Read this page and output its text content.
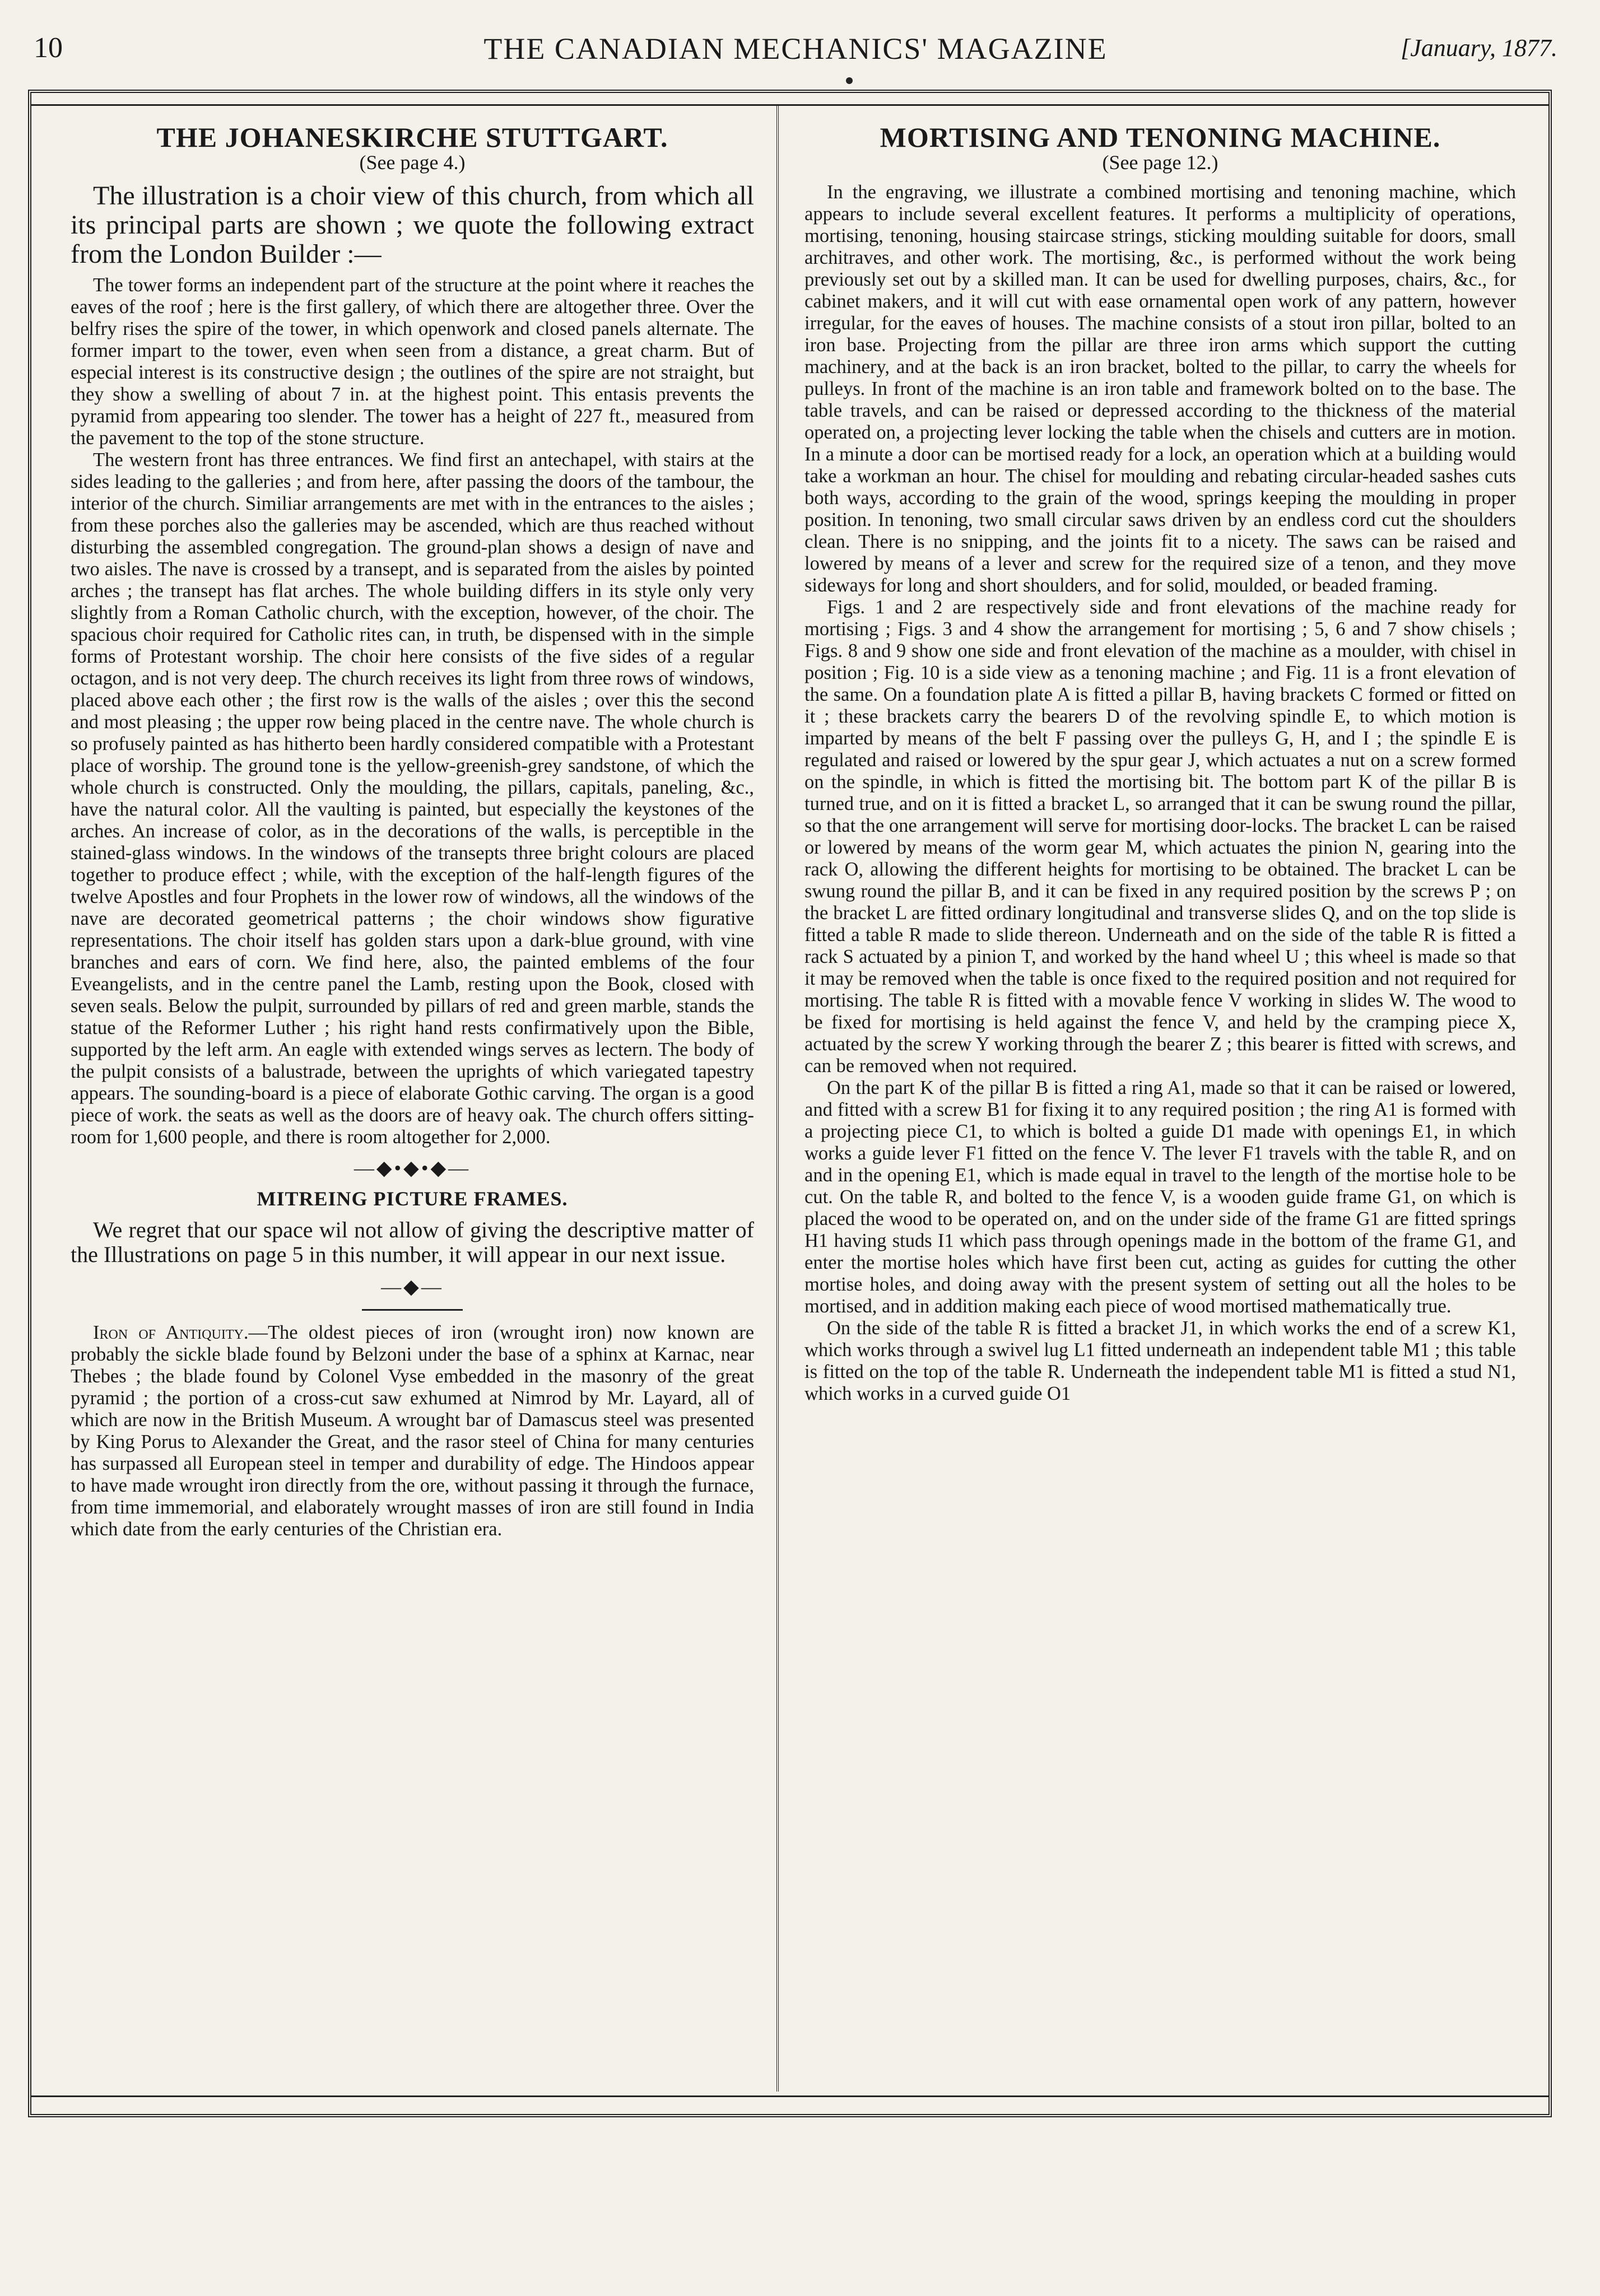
10	THE CANADIAN MECHANICS' MAGAZINE	[January, 1877.
THE JOHANESKIRCHE STUTTGART.
(See page 4.)

The illustration is a choir view of this church, from which all its principal parts are shown ; we quote the following extract from the London Builder :—

The tower forms an independent part of the structure at the point where it reaches the eaves of the roof ; here is the first gallery, of which there are altogether three. Over the belfry rises the spire of the tower, in which openwork and closed panels alternate. The former impart to the tower, even when seen from a distance, a great charm. But of especial interest is its constructive design ; the outlines of the spire are not straight, but they show a swelling of about 7 in. at the highest point. This entasis prevents the pyramid from appearing too slender. The tower has a height of 227 ft., measured from the pavement to the top of the stone structure.

The western front has three entrances. We find first an antechapel, with stairs at the sides leading to the galleries ; and from here, after passing the doors of the tambour, the interior of the church. Similiar arrangements are met with in the entrances to the aisles ; from these porches also the galleries may be ascended, which are thus reached without disturbing the assembled congregation. The ground-plan shows a design of nave and two aisles. The nave is crossed by a transept, and is separated from the aisles by pointed arches ; the transept has flat arches. The whole building differs in its style only very slightly from a Roman Catholic church, with the exception, however, of the choir. The spacious choir required for Catholic rites can, in truth, be dispensed with in the simple forms of Protestant worship. The choir here consists of the five sides of a regular octagon, and is not very deep. The church receives its light from three rows of windows, placed above each other ; the first row is the walls of the aisles ; over this the second and most pleasing ; the upper row being placed in the centre nave. The whole church is so profusely painted as has hitherto been hardly considered compatible with a Protestant place of worship. The ground tone is the yellow-greenish-grey sandstone, of which the whole church is constructed. Only the moulding, the pillars, capitals, paneling, &c., have the natural color. All the vaulting is painted, but especially the keystones of the arches. An increase of color, as in the decorations of the walls, is perceptible in the stained-glass windows. In the windows of the transepts three bright colours are placed together to produce effect ; while, with the exception of the half-length figures of the twelve Apostles and four Prophets in the lower row of windows, all the windows of the nave are decorated geometrical patterns ; the choir windows show figurative representations. The choir itself has golden stars upon a dark-blue ground, with vine branches and ears of corn. We find here, also, the painted emblems of the four Eveangelists, and in the centre panel the Lamb, resting upon the Book, closed with seven seals. Below the pulpit, surrounded by pillars of red and green marble, stands the statue of the Reformer Luther ; his right hand rests confirmatively upon the Bible, supported by the left arm. An eagle with extended wings serves as lectern. The body of the pulpit consists of a balustrade, between the uprights of which variegated tapestry appears. The sounding-board is a piece of elaborate Gothic carving. The organ is a good piece of work. the seats as well as the doors are of heavy oak. The church offers sitting-room for 1,600 people, and there is room altogether for 2,000.

—◆•◆•◆—
MITREING PICTURE FRAMES.

We regret that our space wil not allow of giving the descriptive matter of the Illustrations on page 5 in this number, it will appear in our next issue.

—◆—

Iron of Antiquity.—The oldest pieces of iron (wrought iron) now known are probably the sickle blade found by Belzoni under the base of a sphinx at Karnac, near Thebes ; the blade found by Colonel Vyse embedded in the masonry of the great pyramid ; the portion of a cross-cut saw exhumed at Nimrod by Mr. Layard, all of which are now in the British Museum. A wrought bar of Damascus steel was presented by King Porus to Alexander the Great, and the rasor steel of China for many centuries has surpassed all European steel in temper and durability of edge. The Hindoos appear to have made wrought iron directly from the ore, without passing it through the furnace, from time immemorial, and elaborately wrought masses of iron are still found in India which date from the early centuries of the Christian era.

MORTISING AND TENONING MACHINE.
(See page 12.)

In the engraving, we illustrate a combined mortising and tenoning machine, which appears to include several excellent features. It performs a multiplicity of operations, mortising, tenoning, housing staircase strings, sticking moulding suitable for doors, small architraves, and other work. The mortising, &c., is performed without the work being previously set out by a skilled man. It can be used for dwelling purposes, chairs, &c., for cabinet makers, and it will cut with ease ornamental open work of any pattern, however irregular, for the eaves of houses. The machine consists of a stout iron pillar, bolted to an iron base. Projecting from the pillar are three iron arms which support the cutting machinery, and at the back is an iron bracket, bolted to the pillar, to carry the wheels for pulleys. In front of the machine is an iron table and framework bolted on to the base. The table travels, and can be raised or depressed according to the thickness of the material operated on, a projecting lever locking the table when the chisels and cutters are in motion. In a minute a door can be mortised ready for a lock, an operation which at a building would take a workman an hour. The chisel for moulding and rebating circular-headed sashes cuts both ways, according to the grain of the wood, springs keeping the moulding in proper position. In tenoning, two small circular saws driven by an endless cord cut the shoulders clean. There is no snipping, and the joints fit to a nicety. The saws can be raised and lowered by means of a lever and screw for the required size of a tenon, and they move sideways for long and short shoulders, and for solid, moulded, or beaded framing.

Figs. 1 and 2 are respectively side and front elevations of the machine ready for mortising ; Figs. 3 and 4 show the arrangement for mortising ; 5, 6 and 7 show chisels ; Figs. 8 and 9 show one side and front elevation of the machine as a moulder, with chisel in position ; Fig. 10 is a side view as a tenoning machine ; and Fig. 11 is a front elevation of the same. On a foundation plate A is fitted a pillar B, having brackets C formed or fitted on it ; these brackets carry the bearers D of the revolving spindle E, to which motion is imparted by means of the belt F passing over the pulleys G, H, and I ; the spindle E is regulated and raised or lowered by the spur gear J, which actuates a nut on a screw formed on the spindle, in which is fitted the mortising bit. The bottom part K of the pillar B is turned true, and on it is fitted a bracket L, so arranged that it can be swung round the pillar, so that the one arrangement will serve for mortising door-locks. The bracket L can be raised or lowered by means of the worm gear M, which actuates the pinion N, gearing into the rack O, allowing the different heights for mortising to be obtained. The bracket L can be swung round the pillar B, and it can be fixed in any required position by the screws P ; on the bracket L are fitted ordinary longitudinal and transverse slides Q, and on the top slide is fitted a table R made to slide thereon. Underneath and on the side of the table R is fitted a rack S actuated by a pinion T, and worked by the hand wheel U ; this wheel is made so that it may be removed when the table is once fixed to the required position and not required for mortising. The table R is fitted with a movable fence V working in slides W. The wood to be fixed for mortising is held against the fence V, and held by the cramping piece X, actuated by the screw Y working through the bearer Z ; this bearer is fitted with screws, and can be removed when not required.

On the part K of the pillar B is fitted a ring A1, made so that it can be raised or lowered, and fitted with a screw B1 for fixing it to any required position ; the ring A1 is formed with a projecting piece C1, to which is bolted a guide D1 made with openings E1, in which works a guide lever F1 fitted on the fence V. The lever F1 travels with the table R, and on and in the opening E1, which is made equal in travel to the length of the mortise hole to be cut. On the table R, and bolted to the fence V, is a wooden guide frame G1, on which is placed the wood to be operated on, and on the under side of the frame G1 are fitted springs H1 having studs I1 which pass through openings made in the bottom of the frame G1, and enter the mortise holes which have first been cut, acting as guides for cutting the other mortise holes, and doing away with the present system of setting out all the holes to be mortised, and in addition making each piece of wood mortised mathematically true.

On the side of the table R is fitted a bracket J1, in which works the end of a screw K1, which works through a swivel lug L1 fitted underneath an independent table M1 ; this table is fitted on the top of the table R. Underneath the independent table M1 is fitted a stud N1, which works in a curved guide O1
